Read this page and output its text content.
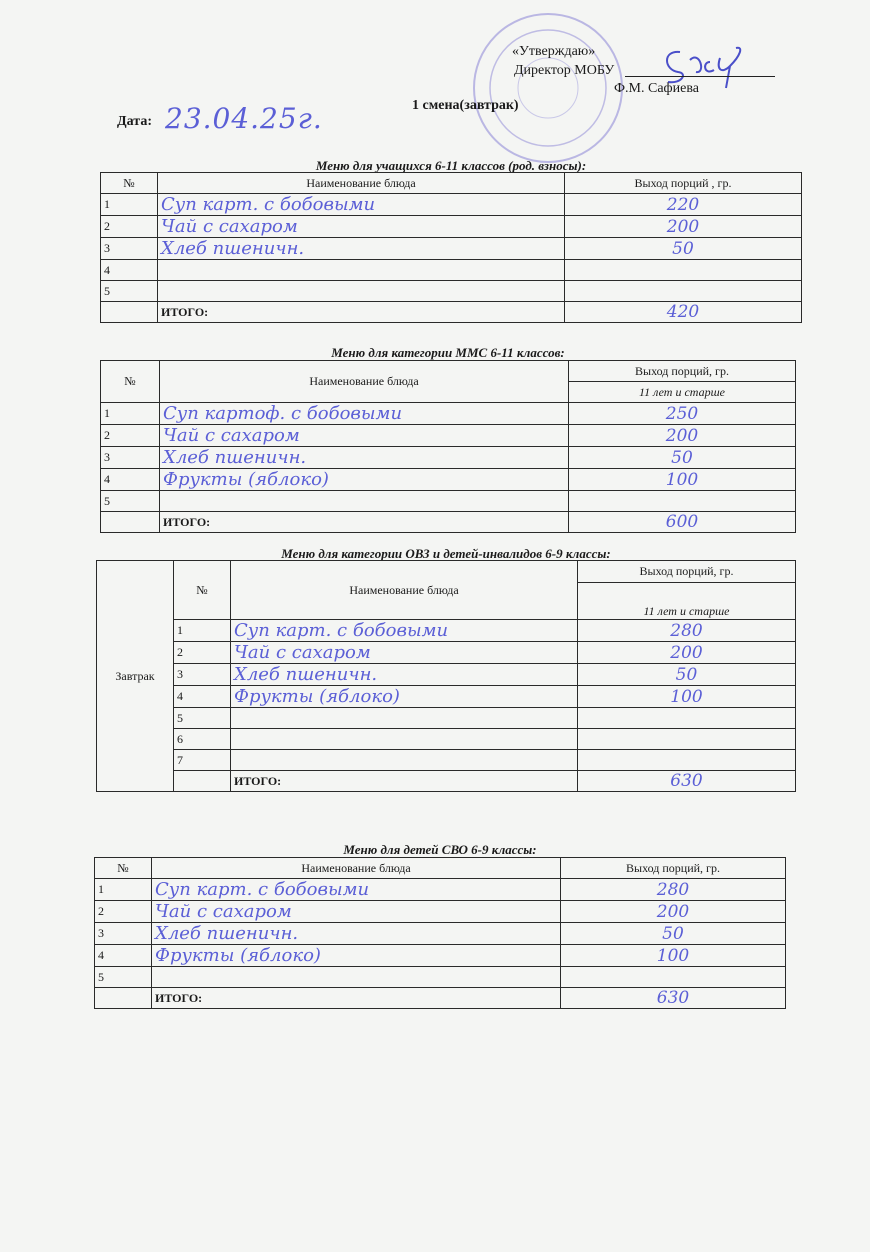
«Утверждаю»
Директор МОБУ
Ф.М. Сафиева
1 смена(завтрак)
Дата: 23.04.25г.
Меню для учащихся 6-11 классов (род. взносы):
№	Наименование блюда	Выход порций , гр.
1	Суп карт. с бобовыми	220
2	Чай с сахаром	200
3	Хлеб пшеничн.	50
4		
5		
	ИТОГО:	420
Меню для категории ММС 6-11 классов:
№	Наименование блюда	Выход порций, гр.
		11 лет и старше
1	Суп картоф. с бобовыми	250
2	Чай с сахаром	200
3	Хлеб пшеничн.	50
4	Фрукты (яблоко)	100
5		
	ИТОГО:	600
Меню для категории ОВЗ и детей-инвалидов 6-9 классы:
Завтрак	№	Наименование блюда	Выход порций, гр.
			11 лет и старше
	1	Суп карт. с бобовыми	280
	2	Чай с сахаром	200
	3	Хлеб пшеничн.	50
	4	Фрукты (яблоко)	100
	5		
	6		
	7		
		ИТОГО:	630
Меню для детей СВО 6-9 классы:
№	Наименование блюда	Выход порций, гр.
1	Суп карт. с бобовыми	280
2	Чай с сахаром	200
3	Хлеб пшеничн.	50
4	Фрукты (яблоко)	100
5		
	ИТОГО:	630
